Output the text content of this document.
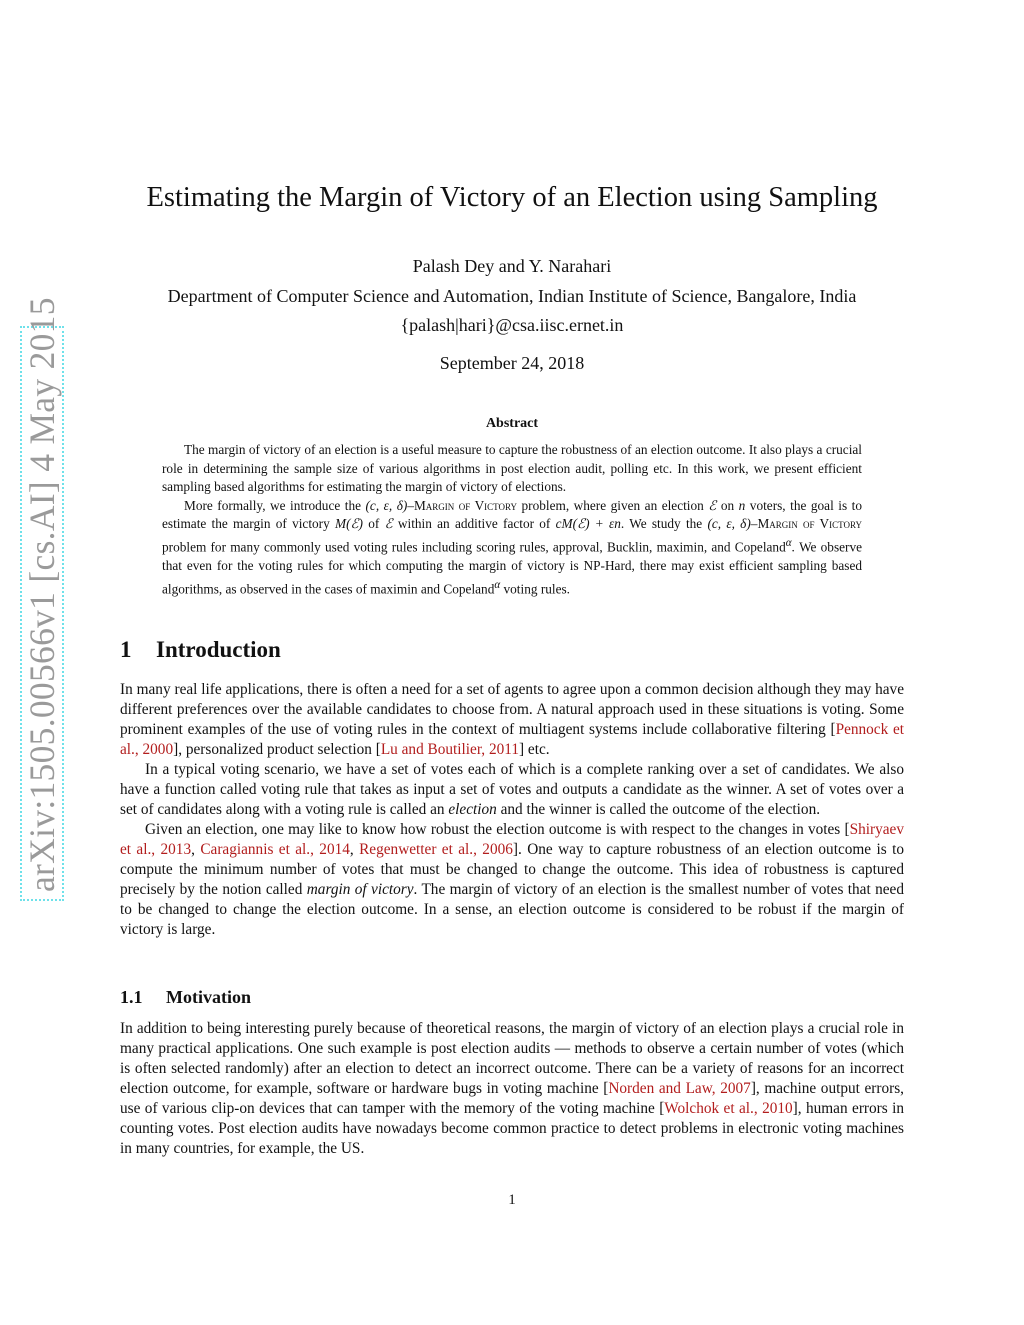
arXiv:1505.00566v1 [cs.AI] 4 May 2015
Estimating the Margin of Victory of an Election using Sampling
Palash Dey and Y. Narahari
Department of Computer Science and Automation, Indian Institute of Science, Bangalore, India
{palash|hari}@csa.iisc.ernet.in
September 24, 2018
Abstract

The margin of victory of an election is a useful measure to capture the robustness of an election outcome. It also plays a crucial role in determining the sample size of various algorithms in post election audit, polling etc. In this work, we present efficient sampling based algorithms for estimating the margin of victory of elections.

More formally, we introduce the (c, ε, δ)–Margin of Victory problem, where given an election ℰ on n voters, the goal is to estimate the margin of victory M(ℰ) of ℰ within an additive factor of cM(ℰ) + εn. We study the (c, ε, δ)–Margin of Victory problem for many commonly used voting rules including scoring rules, approval, Bucklin, maximin, and Copeland$^\alpha$. We observe that even for the voting rules for which computing the margin of victory is NP-Hard, there may exist efficient sampling based algorithms, as observed in the cases of maximin and Copeland$^\alpha$ voting rules.

1 Introduction

In many real life applications, there is often a need for a set of agents to agree upon a common decision although they may have different preferences over the available candidates to choose from. A natural approach used in these situations is voting. Some prominent examples of the use of voting rules in the context of multiagent systems include collaborative filtering [Pennock et al., 2000], personalized product selection [Lu and Boutilier, 2011] etc.

In a typical voting scenario, we have a set of votes each of which is a complete ranking over a set of candidates. We also have a function called voting rule that takes as input a set of votes and outputs a candidate as the winner. A set of votes over a set of candidates along with a voting rule is called an election and the winner is called the outcome of the election.

Given an election, one may like to know how robust the election outcome is with respect to the changes in votes [Shiryaev et al., 2013, Caragiannis et al., 2014, Regenwetter et al., 2006]. One way to capture robustness of an election outcome is to compute the minimum number of votes that must be changed to change the outcome. This idea of robustness is captured precisely by the notion called margin of victory. The margin of victory of an election is the smallest number of votes that need to be changed to change the election outcome. In a sense, an election outcome is considered to be robust if the margin of victory is large.

1.1 Motivation

In addition to being interesting purely because of theoretical reasons, the margin of victory of an election plays a crucial role in many practical applications. One such example is post election audits — methods to observe a certain number of votes (which is often selected randomly) after an election to detect an incorrect outcome. There can be a variety of reasons for an incorrect election outcome, for example, software or hardware bugs in voting machine [Norden and Law, 2007], machine output errors, use of various clip-on devices that can tamper with the memory of the voting machine [Wolchok et al., 2010], human errors in counting votes. Post election audits have nowadays become common practice to detect problems in electronic voting machines in many countries, for example, the US.

1
